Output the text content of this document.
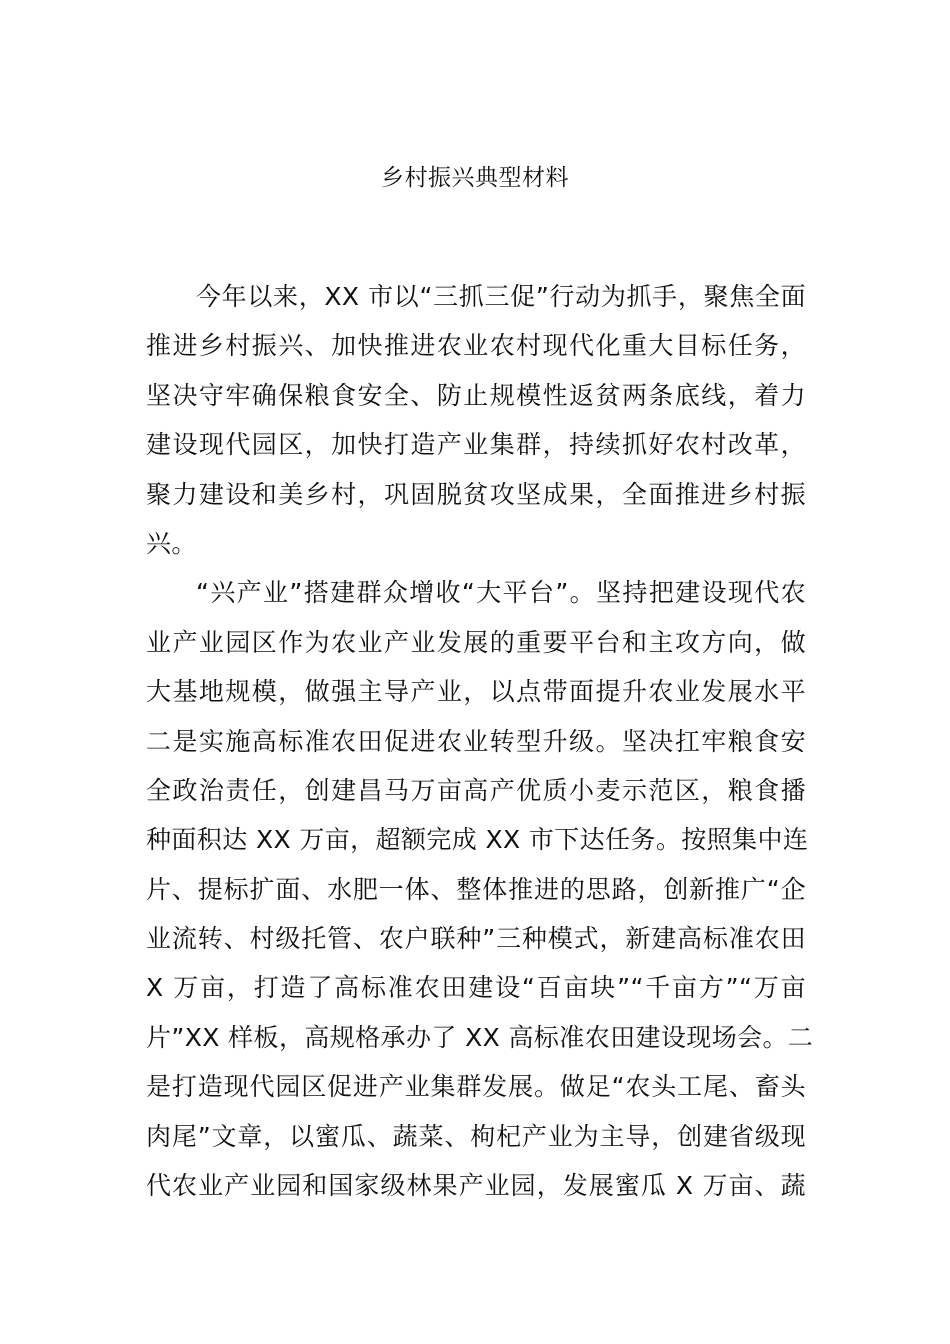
乡村振兴典型材料
今年以来，XX 市以“三抓三促”行动为抓手，聚焦全面
推进乡村振兴、加快推进农业农村现代化重大目标任务，
坚决守牢确保粮食安全、防止规模性返贫两条底线，着力
建设现代园区，加快打造产业集群，持续抓好农村改革，
聚力建设和美乡村，巩固脱贫攻坚成果，全面推进乡村振
兴。
“兴产业”搭建群众增收“大平台”。坚持把建设现代农
业产业园区作为农业产业发展的重要平台和主攻方向，做
大基地规模，做强主导产业，以点带面提升农业发展水平
二是实施高标准农田促进农业转型升级。坚决扛牢粮食安
全政治责任，创建昌马万亩高产优质小麦示范区，粮食播
种面积达 XX 万亩，超额完成 XX 市下达任务。按照集中连
片、提标扩面、水肥一体、整体推进的思路，创新推广“企
业流转、村级托管、农户联种”三种模式，新建高标准农田
X 万亩，打造了高标准农田建设“百亩块”“千亩方”“万亩
片”XX 样板，高规格承办了 XX 高标准农田建设现场会。二
是打造现代园区促进产业集群发展。做足“农头工尾、畜头
肉尾”文章，以蜜瓜、蔬菜、枸杞产业为主导，创建省级现
代农业产业园和国家级林果产业园，发展蜜瓜 X 万亩、蔬
